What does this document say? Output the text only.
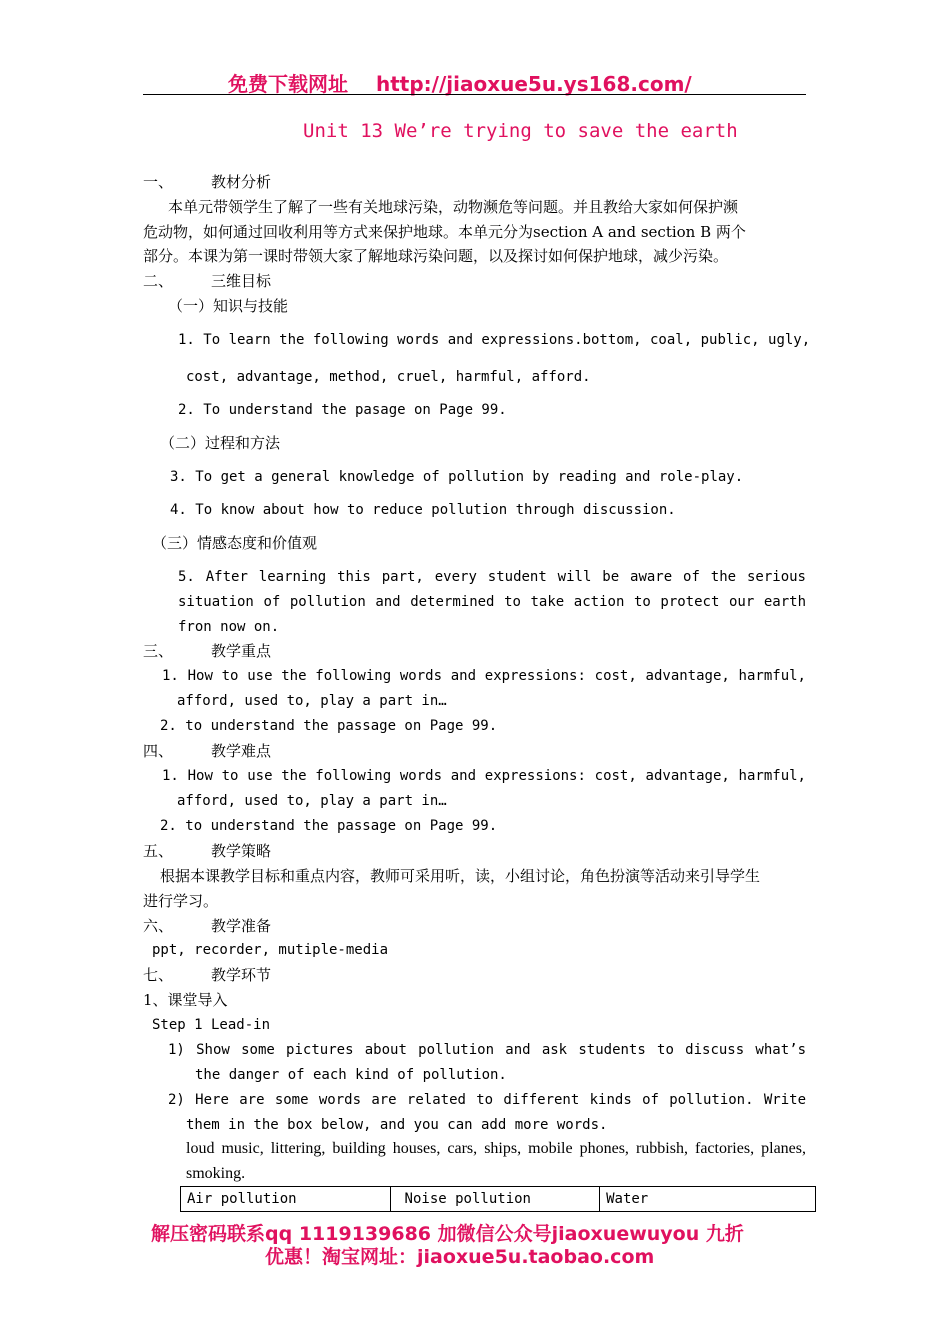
免费下载网址 http://jiaoxue5u.ys168.com/
Unit 13 We’re trying to save the earth
一、	教材分析
本单元带领学生了解了一些有关地球污染，动物濒危等问题。并且教给大家如何保护濒
危动物，如何通过回收利用等方式来保护地球。本单元分为section A and section B 两个
部分。本课为第一课时带领大家了解地球污染问题，以及探讨如何保护地球，减少污染。
二、	三维目标
（一）知识与技能
1. To learn the following words and expressions.bottom, coal, public, ugly,
cost, advantage, method, cruel, harmful, afford.
2. To understand the pasage on Page 99.
（二）过程和方法
3. To get a general knowledge of pollution by reading and role-play.
4. To know about how to reduce pollution through discussion.
（三）情感态度和价值观
5. After learning this part, every student will be aware of the serious
situation of pollution and determined to take action to protect our earth
fron now on.
三、	教学重点
1. How to use the following words and expressions: cost, advantage, harmful,
afford, used to, play a part in…
2. to understand the passage on Page 99.
四、	教学难点
1. How to use the following words and expressions: cost, advantage, harmful,
afford, used to, play a part in…
2. to understand the passage on Page 99.
五、	教学策略
根据本课教学目标和重点内容，教师可采用听，读，小组讨论，角色扮演等活动来引导学生
进行学习。
六、	教学准备
ppt, recorder, mutiple-media
七、	教学环节
1、课堂导入
Step 1 Lead-in
1) Show some pictures about pollution and ask students to discuss what’s
the danger of each kind of pollution.
2) Here are some words are related to different kinds of pollution. Write
them in the box below, and you can add more words.
loud music, littering, building houses, cars, ships, mobile phones, rubbish, factories, planes,
smoking.
Air pollution	Noise pollution	Water
解压密码联系qq 1119139686 加微信公众号jiaoxuewuyou 九折
优惠！淘宝网址：jiaoxue5u.taobao.com
